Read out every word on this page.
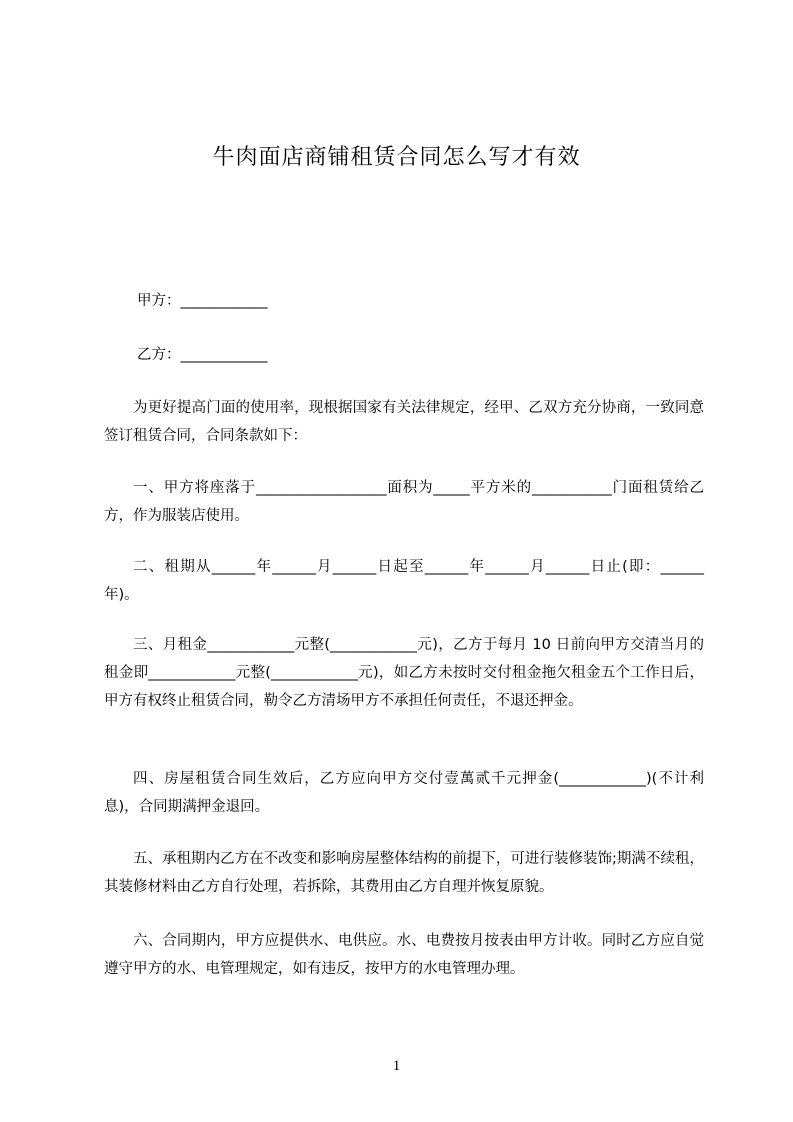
牛肉面店商铺租赁合同怎么写才有效
甲方：____________
乙方：____________
为更好提高门面的使用率，现根据国家有关法律规定，经甲、乙双方充分协商，一致同意签订租赁合同，合同条款如下：
一、甲方将座落于__________________面积为_____平方米的___________门面租赁给乙方，作为服装店使用。
二、租期从______年______月______日起至______年______月______日止(即：______年)。
三、月租金____________元整(____________元)，乙方于每月 10 日前向甲方交清当月的租金即____________元整(____________元)，如乙方未按时交付租金拖欠租金五个工作日后，甲方有权终止租赁合同，勒令乙方清场甲方不承担任何责任，不退还押金。
四、房屋租赁合同生效后，乙方应向甲方交付壹萬贰千元押金(____________)(不计利息)，合同期满押金退回。
五、承租期内乙方在不改变和影响房屋整体结构的前提下，可进行装修装饰;期满不续租，其装修材料由乙方自行处理，若拆除，其费用由乙方自理并恢复原貌。
六、合同期内，甲方应提供水、电供应。水、电费按月按表由甲方计收。同时乙方应自觉遵守甲方的水、电管理规定，如有违反，按甲方的水电管理办理。
1
